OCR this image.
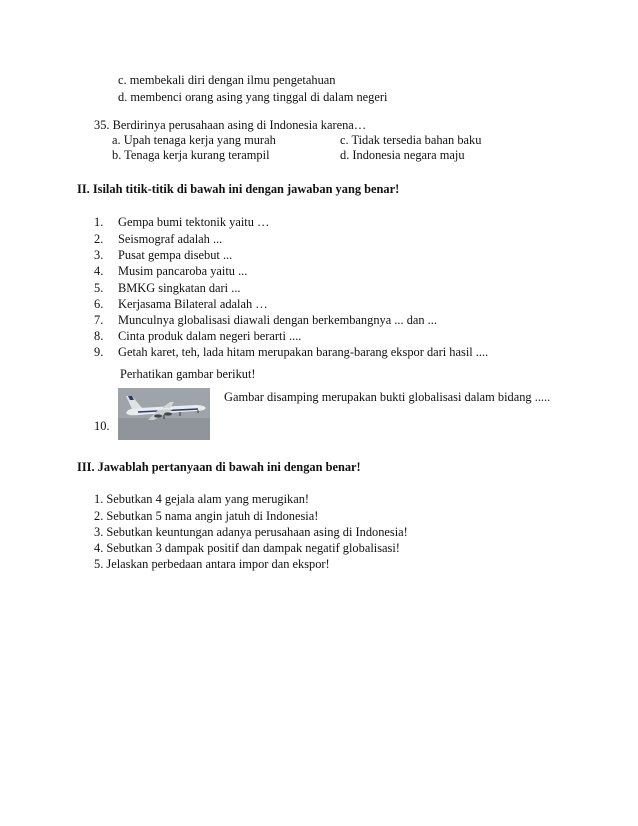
c. membekali diri dengan ilmu pengetahuan
d. membenci orang asing yang tinggal di dalam negeri
35. Berdirinya perusahaan asing di Indonesia karena…
a. Upah tenaga kerja yang murah
b. Tenaga kerja kurang terampil
c. Tidak tersedia bahan baku
d. Indonesia negara maju
II. Isilah titik-titik di bawah ini dengan jawaban yang benar!
1. Gempa bumi tektonik yaitu …
2. Seismograf adalah ...
3. Pusat gempa disebut ...
4. Musim pancaroba yaitu ...
5. BMKG singkatan dari ...
6. Kerjasama Bilateral adalah …
7. Munculnya globalisasi diawali dengan berkembangnya ... dan ...
8. Cinta produk dalam negeri berarti ....
9. Getah karet, teh, lada hitam merupakan barang-barang ekspor dari hasil ....
Perhatikan gambar berikut!
Gambar disamping merupakan bukti globalisasi dalam bidang .....
10.
III. Jawablah pertanyaan di bawah ini dengan benar!
1. Sebutkan 4 gejala alam yang merugikan!
2. Sebutkan 5 nama angin jatuh di Indonesia!
3. Sebutkan keuntungan adanya perusahaan asing di Indonesia!
4. Sebutkan 3 dampak positif dan dampak negatif globalisasi!
5. Jelaskan perbedaan antara impor dan ekspor!
